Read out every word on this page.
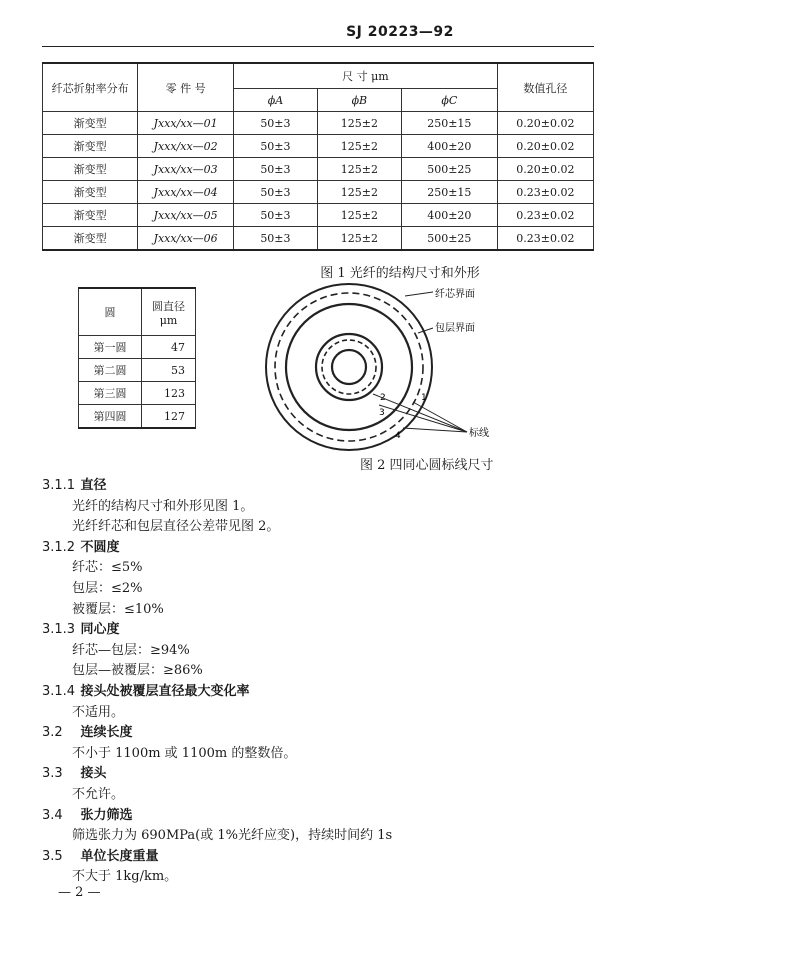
SJ 20223—92
纤芯折射率分布	零 件 号	尺 寸 μm			数值孔径
		ϕA	ϕB	ϕC	
渐变型	Jxxx/xx—01	50±3	125±2	250±15	0.20±0.02
渐变型	Jxxx/xx—02	50±3	125±2	400±20	0.20±0.02
渐变型	Jxxx/xx—03	50±3	125±2	500±25	0.20±0.02
渐变型	Jxxx/xx—04	50±3	125±2	250±15	0.23±0.02
渐变型	Jxxx/xx—05	50±3	125±2	400±20	0.23±0.02
渐变型	Jxxx/xx—06	50±3	125±2	500±25	0.23±0.02
图 1 光纤的结构尺寸和外形
圆	圆直径
μm
第一圆	47
第二圆	53
第三圆	123
第四圆	127
纤芯界面
包层界面
标线
1
2
3
4
图 2 四同心圆标线尺寸
3.1.1 直径
光纤的结构尺寸和外形见图 1。
光纤纤芯和包层直径公差带见图 2。
3.1.2 不圆度
纤芯：≤5%
包层：≤2%
被覆层：≤10%
3.1.3 同心度
纤芯—包层：≥94%
包层—被覆层：≥86%
3.1.4 接头处被覆层直径最大变化率
不适用。
3.2 连续长度
不小于 1100m 或 1100m 的整数倍。
3.3 接头
不允许。
3.4 张力筛选
筛选张力为 690MPa(或 1%光纤应变)，持续时间约 1s
3.5 单位长度重量
不大于 1kg/km。
— 2 —
